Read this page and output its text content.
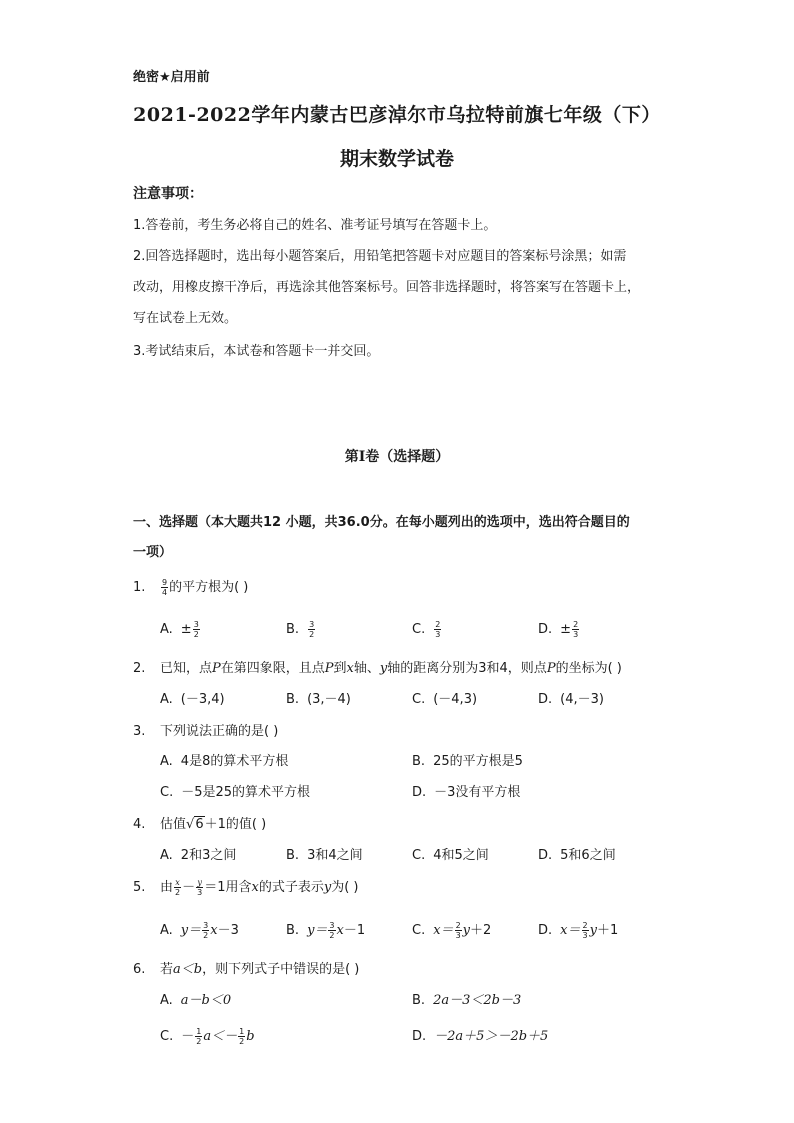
绝密★启用前
2021-2022学年内蒙古巴彦淖尔市乌拉特前旗七年级（下）
期末数学试卷
注意事项：
1.答卷前，考生务必将自己的姓名、准考证号填写在答题卡上。
2.回答选择题时，选出每小题答案后，用铅笔把答题卡对应题目的答案标号涂黑；如需
改动，用橡皮擦干净后，再选涂其他答案标号。回答非选择题时，将答案写在答题卡上，
写在试卷上无效。
3.考试结束后，本试卷和答题卡一并交回。
第Ⅰ卷（选择题）
一、选择题（本大题共12 小题，共36.0分。在每小题列出的选项中，选出符合题目的
一项）
1. $\frac{9}{4}$ 的平方根为( )
A. ± $\frac{3}{2}$	B. $\frac{3}{2}$	C. $\frac{2}{3}$	D. ± $\frac{2}{3}$
2. 已知，点P在第四象限，且点P到x轴、y轴的距离分别为3和4，则点P的坐标为( )
A. (－3,4)	B. (3,－4)	C. (－4,3)	D. (4,－3)
3. 下列说法正确的是( )
A. 4是8的算术平方根	B. 25的平方根是5
C. －5是25的算术平方根	D. －3没有平方根
4. 估值√6＋1的值( )
A. 2和3之间	B. 3和4之间	C. 4和5之间	D. 5和6之间
5. 由 $\frac{x}{2} - \frac{y}{3} =1$用含x的式子表示y为( )
A. $y= \frac{3}{2} x-3$	B. $y= \frac{3}{2} x-1$	C. $x= \frac{2}{3} y+2$	D. $x= \frac{2}{3} y+1$
6. 若a＜b，则下列式子中错误的是( )
A. a－b＜0	B. 2a－3＜2b－3
C. － $\frac{1}{2} a<- \frac{1}{2}$ b	D. －2a＋5＞－2b＋5
